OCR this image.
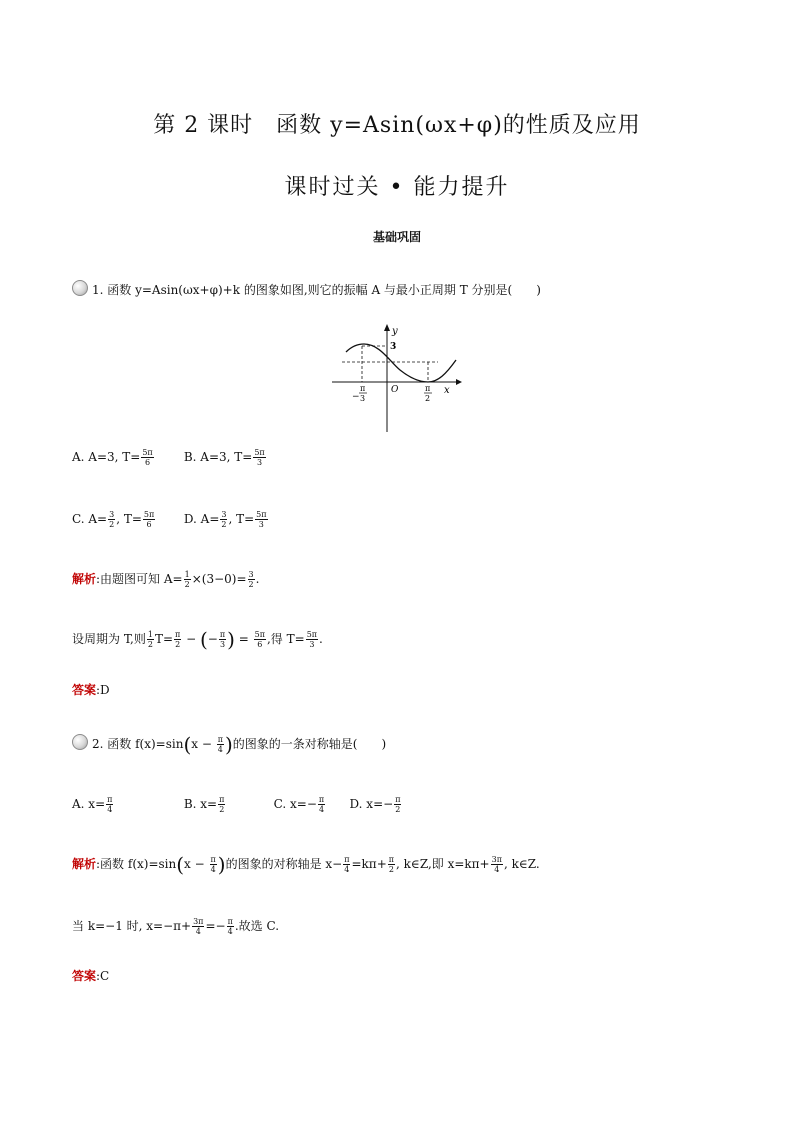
第 2 课时　函数 y=Asin(ωx+φ)的性质及应用
课时过关 • 能力提升
基础巩固
1. 函数 y=Asin(ωx+φ)+k 的图象如图,则它的振幅 A 与最小正周期 T 分别是(　　)
y
x
O
3
−
π
3
π
2
A. A=3, $T= \frac{5\pi}{6}$	B. A=3, $T= \frac{5\pi}{3}$
C. $A= \frac{3}{2}$ , $T= \frac{5\pi}{6} D$. $A= \frac{3}{2}$ , $T= \frac{5\pi}{3}$
解析:由题图可知 $A= \frac{1}{2} \times(3-0)= \frac{3}{2}$ .
设周期为 T,则 $\frac{1}{2} T= \frac{\pi}{2}$ − (− $\frac{\pi}{3}$ ) = $\frac{5\pi}{6}$ ,得 $T= \frac{5\pi}{3}$ .
答案:D
2. 函数 $f(x)=\sin(x - \frac{\pi}{4}$ )的图象的一条对称轴是(　　)
A. $x= \frac{\pi}{4}$	B. $x= \frac{\pi}{2}$	C. $x=- \frac{\pi}{4} D$. $x=- \frac{\pi}{2}$
解析:函数 $f(x)=\sin(x - \frac{\pi}{4}$ )的图象的对称轴是 $x- \frac{\pi}{4} =k\pi+ \frac{\pi}{2}$ , k∈Z,即 $x=k\pi+ \frac{3\pi}{4}$ , k∈Z.
当 k=−1 时, $x=-\pi+ \frac{3\pi}{4} =- \frac{\pi}{4}$ .故选 C.
答案:C
